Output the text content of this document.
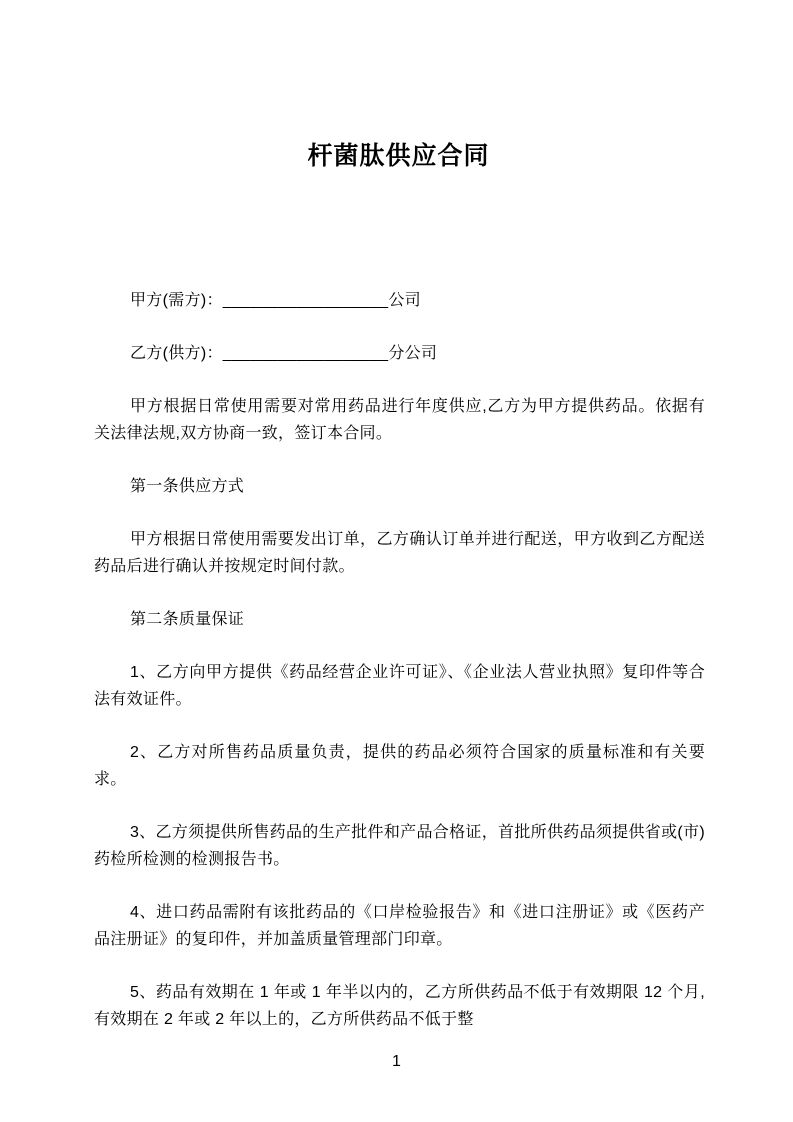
杆菌肽供应合同

甲方(需方)：__________________公司

乙方(供方)：__________________分公司

甲方根据日常使用需要对常用药品进行年度供应,乙方为甲方提供药品。依据有关法律法规,双方协商一致，签订本合同。

第一条供应方式

甲方根据日常使用需要发出订单，乙方确认订单并进行配送，甲方收到乙方配送药品后进行确认并按规定时间付款。

第二条质量保证

1、乙方向甲方提供《药品经营企业许可证》、《企业法人营业执照》复印件等合法有效证件。

2、乙方对所售药品质量负责，提供的药品必须符合国家的质量标准和有关要求。

3、乙方须提供所售药品的生产批件和产品合格证，首批所供药品须提供省或(市)药检所检测的检测报告书。

4、进口药品需附有该批药品的《口岸检验报告》和《进口注册证》或《医药产品注册证》的复印件，并加盖质量管理部门印章。

5、药品有效期在 1 年或 1 年半以内的，乙方所供药品不低于有效期限 12 个月,有效期在 2 年或 2 年以上的，乙方所供药品不低于整

1
